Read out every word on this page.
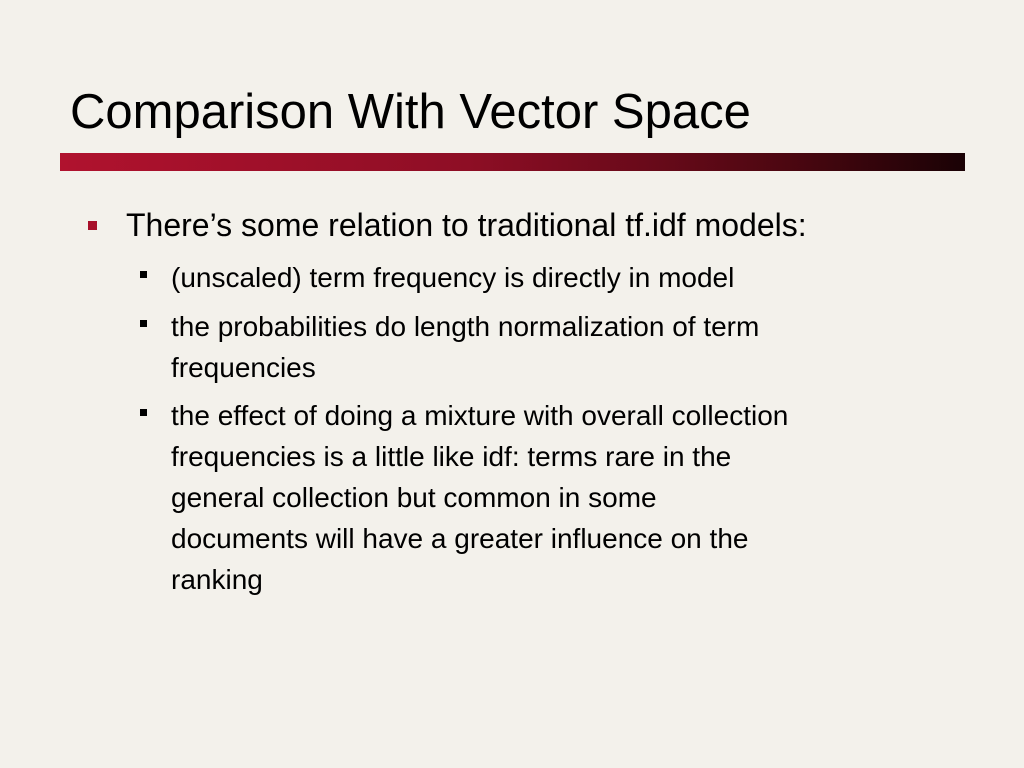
Comparison With Vector Space
There’s some relation to traditional tf.idf models:
(unscaled) term frequency is directly in model
the probabilities do length normalization of term
frequencies
the effect of doing a mixture with overall collection
frequencies is a little like idf: terms rare in the
general collection but common in some
documents will have a greater influence on the
ranking
